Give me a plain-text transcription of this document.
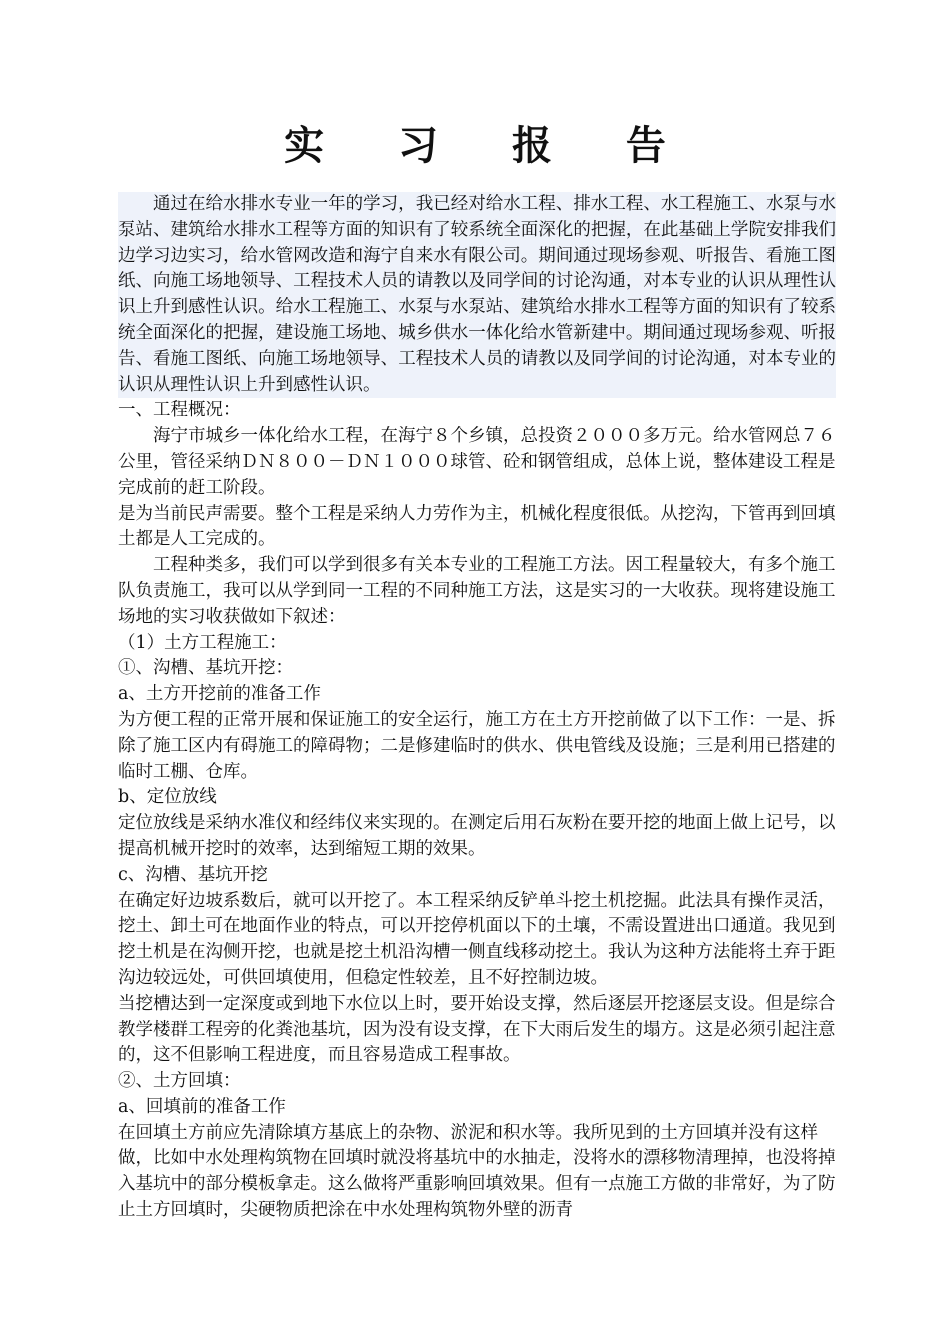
实 习 报 告

通过在给水排水专业一年的学习，我已经对给水工程、排水工程、水工程施工、水泵与水泵站、建筑给水排水工程等方面的知识有了较系统全面深化的把握，在此基础上学院安排我们边学习边实习，给水管网改造和海宁自来水有限公司。期间通过现场参观、听报告、看施工图纸、向施工场地领导、工程技术人员的请教以及同学间的讨论沟通，对本专业的认识从理性认识上升到感性认识。给水工程施工、水泵与水泵站、建筑给水排水工程等方面的知识有了较系统全面深化的把握，建设施工场地、城乡供水一体化给水管新建中。期间通过现场参观、听报告、看施工图纸、向施工场地领导、工程技术人员的请教以及同学间的讨论沟通，对本专业的认识从理性认识上升到感性认识。

一、工程概况：

海宁市城乡一体化给水工程，在海宁８个乡镇，总投资２０００多万元。给水管网总７６公里，管径采纳ＤＮ８００－ＤＮ１０００球管、砼和钢管组成，总体上说，整体建设工程是完成前的赶工阶段。

是为当前民声需要。整个工程是采纳人力劳作为主，机械化程度很低。从挖沟，下管再到回填土都是人工完成的。

工程种类多，我们可以学到很多有关本专业的工程施工方法。因工程量较大，有多个施工队负责施工，我可以从学到同一工程的不同种施工方法，这是实习的一大收获。现将建设施工场地的实习收获做如下叙述：

（1）土方工程施工：

①、沟槽、基坑开挖：

a、土方开挖前的准备工作

为方便工程的正常开展和保证施工的安全运行，施工方在土方开挖前做了以下工作：一是、拆除了施工区内有碍施工的障碍物；二是修建临时的供水、供电管线及设施；三是利用已搭建的临时工棚、仓库。

b、定位放线

定位放线是采纳水准仪和经纬仪来实现的。在测定后用石灰粉在要开挖的地面上做上记号，以提高机械开挖时的效率，达到缩短工期的效果。

c、沟槽、基坑开挖

在确定好边坡系数后，就可以开挖了。本工程采纳反铲单斗挖土机挖掘。此法具有操作灵活，挖土、卸土可在地面作业的特点，可以开挖停机面以下的土壤，不需设置进出口通道。我见到挖土机是在沟侧开挖，也就是挖土机沿沟槽一侧直线移动挖土。我认为这种方法能将土弃于距沟边较远处，可供回填使用，但稳定性较差，且不好控制边坡。

当挖槽达到一定深度或到地下水位以上时，要开始设支撑，然后逐层开挖逐层支设。但是综合教学楼群工程旁的化粪池基坑，因为没有设支撑，在下大雨后发生的塌方。这是必须引起注意的，这不但影响工程进度，而且容易造成工程事故。

②、土方回填：

a、回填前的准备工作

在回填土方前应先清除填方基底上的杂物、淤泥和积水等。我所见到的土方回填并没有这样做，比如中水处理构筑物在回填时就没将基坑中的水抽走，没将水的漂移物清理掉，也没将掉入基坑中的部分模板拿走。这么做将严重影响回填效果。但有一点施工方做的非常好，为了防止土方回填时，尖硬物质把涂在中水处理构筑物外壁的沥青
